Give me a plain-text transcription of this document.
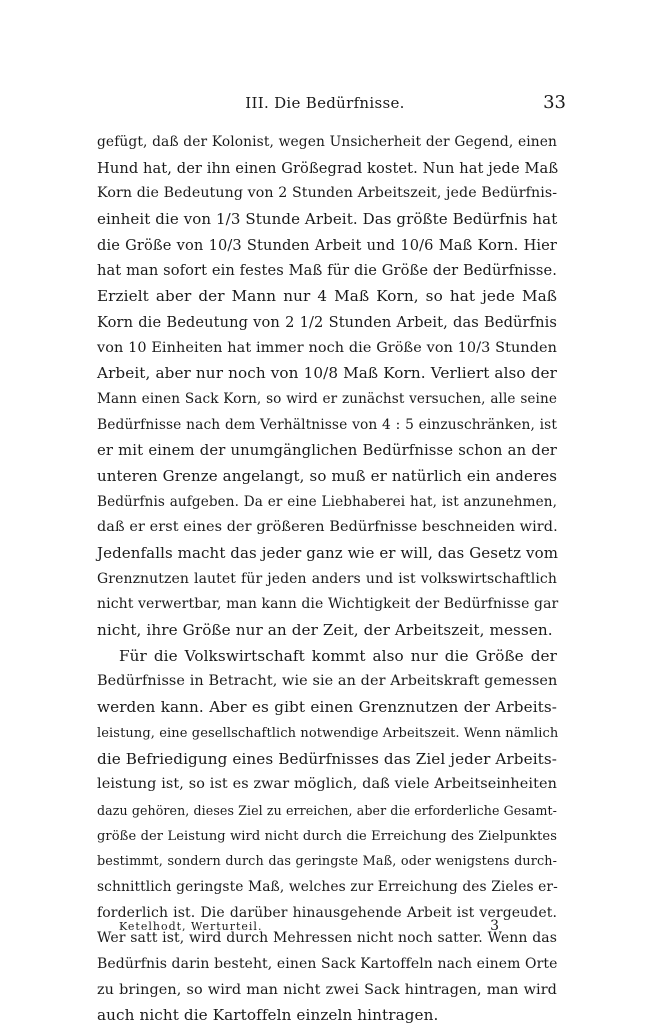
III. Die Bedürfnisse.	33
gefügt, daß der Kolonist, wegen Unsicherheit der Gegend, einen
Hund hat, der ihn einen Größegrad kostet. Nun hat jede Maß
Korn die Bedeutung von 2 Stunden Arbeitszeit, jede Bedürfnis-
einheit die von 1/3 Stunde Arbeit. Das größte Bedürfnis hat
die Größe von 10/3 Stunden Arbeit und 10/6 Maß Korn. Hier
hat man sofort ein festes Maß für die Größe der Bedürfnisse.
Erzielt aber der Mann nur 4 Maß Korn, so hat jede Maß
Korn die Bedeutung von 2 1/2 Stunden Arbeit, das Bedürfnis
von 10 Einheiten hat immer noch die Größe von 10/3 Stunden
Arbeit, aber nur noch von 10/8 Maß Korn. Verliert also der
Mann einen Sack Korn, so wird er zunächst versuchen, alle seine
Bedürfnisse nach dem Verhältnisse von 4 : 5 einzuschränken, ist
er mit einem der unumgänglichen Bedürfnisse schon an der
unteren Grenze angelangt, so muß er natürlich ein anderes
Bedürfnis aufgeben. Da er eine Liebhaberei hat, ist anzunehmen,
daß er erst eines der größeren Bedürfnisse beschneiden wird.
Jedenfalls macht das jeder ganz wie er will, das Gesetz vom
Grenznutzen lautet für jeden anders und ist volkswirtschaftlich
nicht verwertbar, man kann die Wichtigkeit der Bedürfnisse gar
nicht, ihre Größe nur an der Zeit, der Arbeitszeit, messen.
Für die Volkswirtschaft kommt also nur die Größe der
Bedürfnisse in Betracht, wie sie an der Arbeitskraft gemessen
werden kann. Aber es gibt einen Grenznutzen der Arbeits-
leistung, eine gesellschaftlich notwendige Arbeitszeit. Wenn nämlich
die Befriedigung eines Bedürfnisses das Ziel jeder Arbeits-
leistung ist, so ist es zwar möglich, daß viele Arbeitseinheiten
dazu gehören, dieses Ziel zu erreichen, aber die erforderliche Gesamt-
größe der Leistung wird nicht durch die Erreichung des Zielpunktes
bestimmt, sondern durch das geringste Maß, oder wenigstens durch-
schnittlich geringste Maß, welches zur Erreichung des Zieles er-
forderlich ist. Die darüber hinausgehende Arbeit ist vergeudet.
Wer satt ist, wird durch Mehressen nicht noch satter. Wenn das
Bedürfnis darin besteht, einen Sack Kartoffeln nach einem Orte
zu bringen, so wird man nicht zwei Sack hintragen, man wird
auch nicht die Kartoffeln einzeln hintragen.
Ketelhodt, Werturteil.	3
